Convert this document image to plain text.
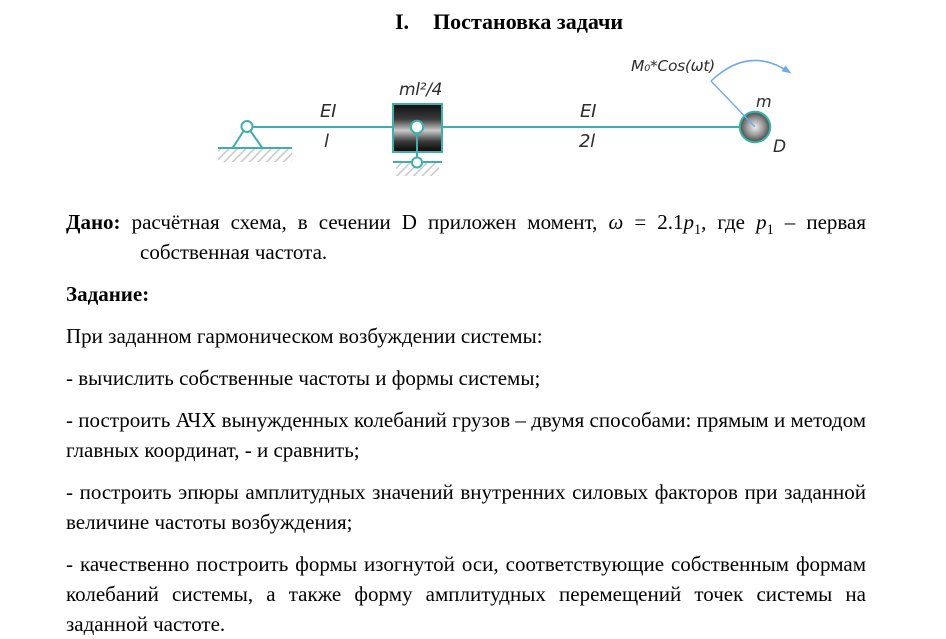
I. Постановка задачи
EI
l
ml²/4
EI
2l
m
D
M₀*Cos(ωt)

Дано: расчётная схема, в сечении D приложен момент, $\omega = 2.1p_1$, где $p_1$ – первая собственная частота.

Задание:

При заданном гармоническом возбуждении системы:

- вычислить собственные частоты и формы системы;

- построить АЧХ вынужденных колебаний грузов – двумя способами: прямым и методом главных координат, - и сравнить;

- построить эпюры амплитудных значений внутренних силовых факторов при заданной величине частоты возбуждения;

- качественно построить формы изогнутой оси, соответствующие собственным формам колебаний системы, а также форму амплитудных перемещений точек системы на заданной частоте.
